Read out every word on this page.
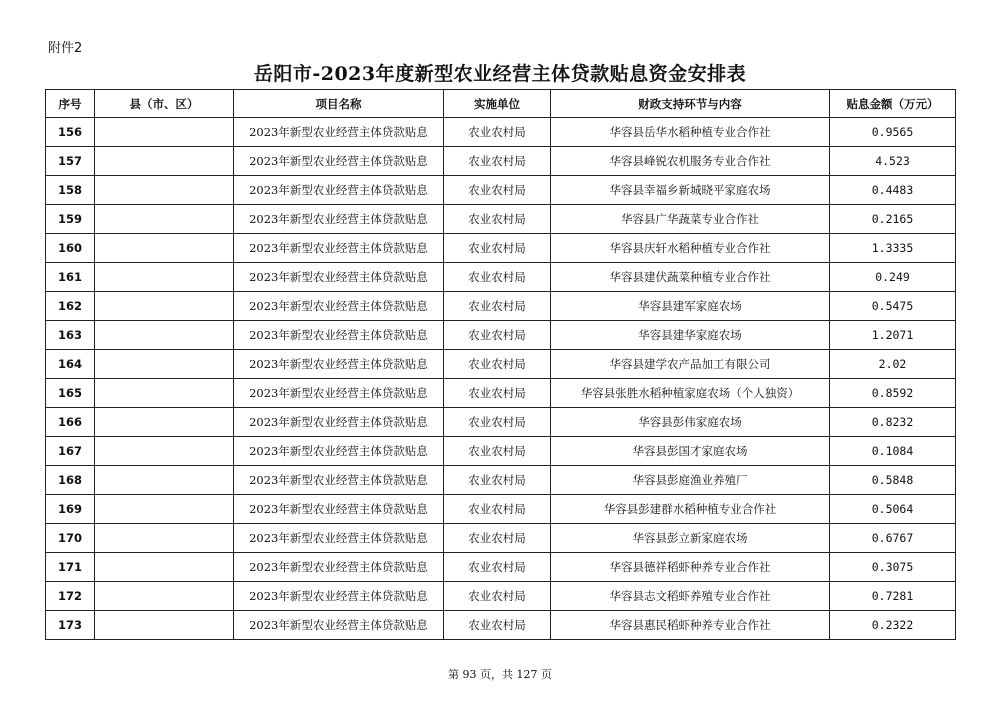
附件2
岳阳市-2023年度新型农业经营主体贷款贴息资金安排表
序号	县（市、区）	项目名称	实施单位	财政支持环节与内容	贴息金额（万元）
156		2023年新型农业经营主体贷款贴息	农业农村局	华容县岳华水稻种植专业合作社	0.9565
157		2023年新型农业经营主体贷款贴息	农业农村局	华容县峰锐农机服务专业合作社	4.523
158		2023年新型农业经营主体贷款贴息	农业农村局	华容县幸福乡新城晓平家庭农场	0.4483
159		2023年新型农业经营主体贷款贴息	农业农村局	华容县广华蔬菜专业合作社	0.2165
160		2023年新型农业经营主体贷款贴息	农业农村局	华容县庆轩水稻种植专业合作社	1.3335
161		2023年新型农业经营主体贷款贴息	农业农村局	华容县建伏蔬菜种植专业合作社	0.249
162		2023年新型农业经营主体贷款贴息	农业农村局	华容县建军家庭农场	0.5475
163		2023年新型农业经营主体贷款贴息	农业农村局	华容县建华家庭农场	1.2071
164		2023年新型农业经营主体贷款贴息	农业农村局	华容县建学农产品加工有限公司	2.02
165		2023年新型农业经营主体贷款贴息	农业农村局	华容县张胜水稻种植家庭农场（个人独资）	0.8592
166		2023年新型农业经营主体贷款贴息	农业农村局	华容县彭伟家庭农场	0.8232
167		2023年新型农业经营主体贷款贴息	农业农村局	华容县彭国才家庭农场	0.1084
168		2023年新型农业经营主体贷款贴息	农业农村局	华容县彭庭渔业养殖厂	0.5848
169		2023年新型农业经营主体贷款贴息	农业农村局	华容县彭建群水稻种植专业合作社	0.5064
170		2023年新型农业经营主体贷款贴息	农业农村局	华容县彭立新家庭农场	0.6767
171		2023年新型农业经营主体贷款贴息	农业农村局	华容县德祥稻虾种养专业合作社	0.3075
172		2023年新型农业经营主体贷款贴息	农业农村局	华容县志文稻虾养殖专业合作社	0.7281
173		2023年新型农业经营主体贷款贴息	农业农村局	华容县惠民稻虾种养专业合作社	0.2322
第 93 页，共 127 页
